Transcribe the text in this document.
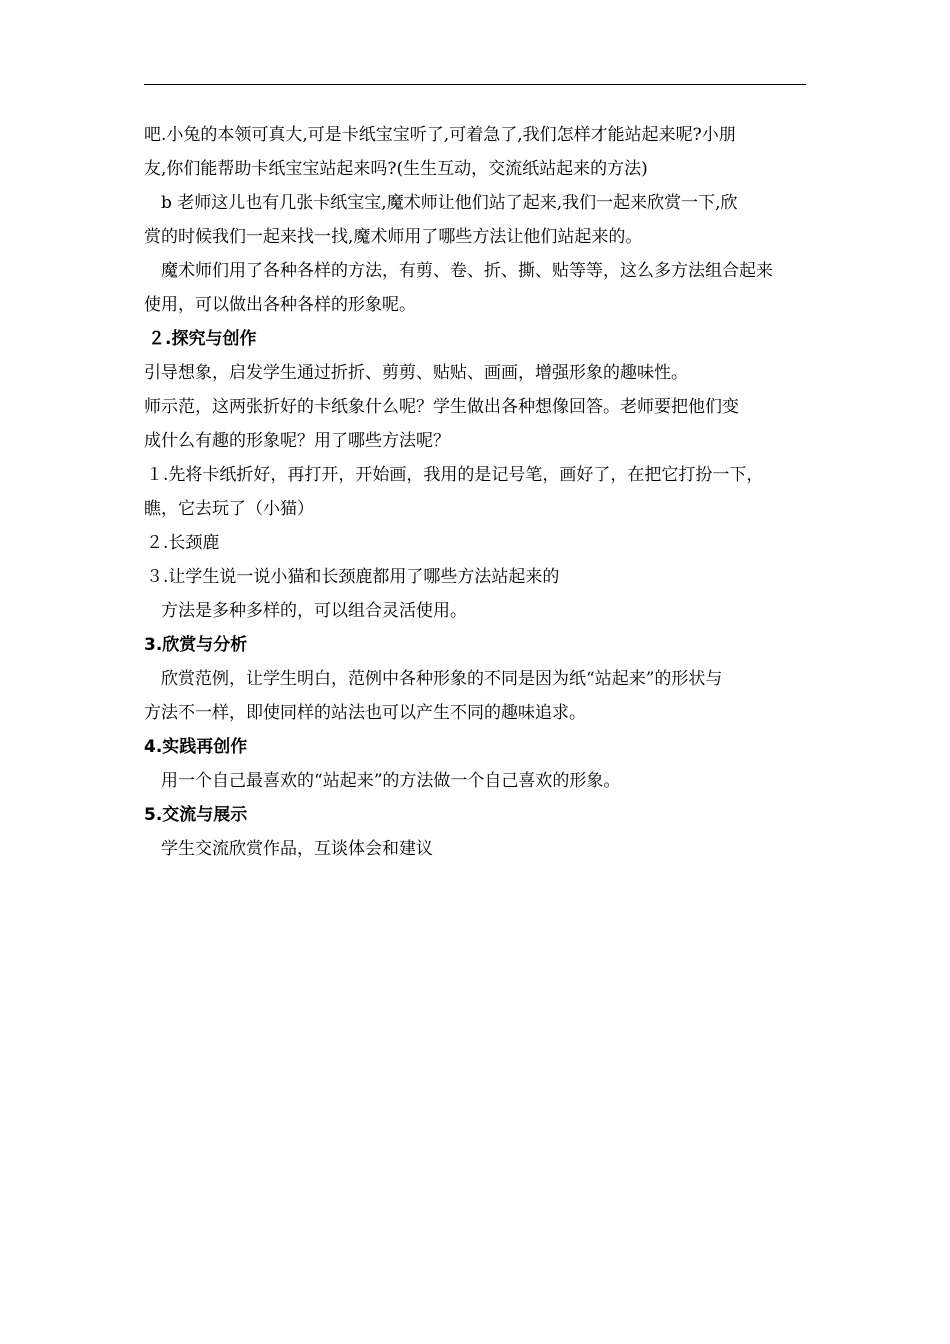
吧.小兔的本领可真大,可是卡纸宝宝听了,可着急了,我们怎样才能站起来呢?小朋
友,你们能帮助卡纸宝宝站起来吗?(生生互动，交流纸站起来的方法)
b 老师这儿也有几张卡纸宝宝,魔术师让他们站了起来,我们一起来欣赏一下,欣
赏的时候我们一起来找一找,魔术师用了哪些方法让他们站起来的。
魔术师们用了各种各样的方法，有剪、卷、折、撕、贴等等，这么多方法组合起来
使用，可以做出各种各样的形象呢。
２.探究与创作
引导想象，启发学生通过折折、剪剪、贴贴、画画，增强形象的趣味性。
师示范，这两张折好的卡纸象什么呢？学生做出各种想像回答。老师要把他们变
成什么有趣的形象呢？用了哪些方法呢？
１.先将卡纸折好，再打开，开始画，我用的是记号笔，画好了，在把它打扮一下，
瞧，它去玩了（小猫）
２.长颈鹿
３.让学生说一说小猫和长颈鹿都用了哪些方法站起来的
方法是多种多样的，可以组合灵活使用。
3.欣赏与分析
欣赏范例，让学生明白，范例中各种形象的不同是因为纸“站起来”的形状与
方法不一样，即使同样的站法也可以产生不同的趣味追求。
4.实践再创作
用一个自己最喜欢的“站起来”的方法做一个自己喜欢的形象。
5.交流与展示
学生交流欣赏作品，互谈体会和建议
